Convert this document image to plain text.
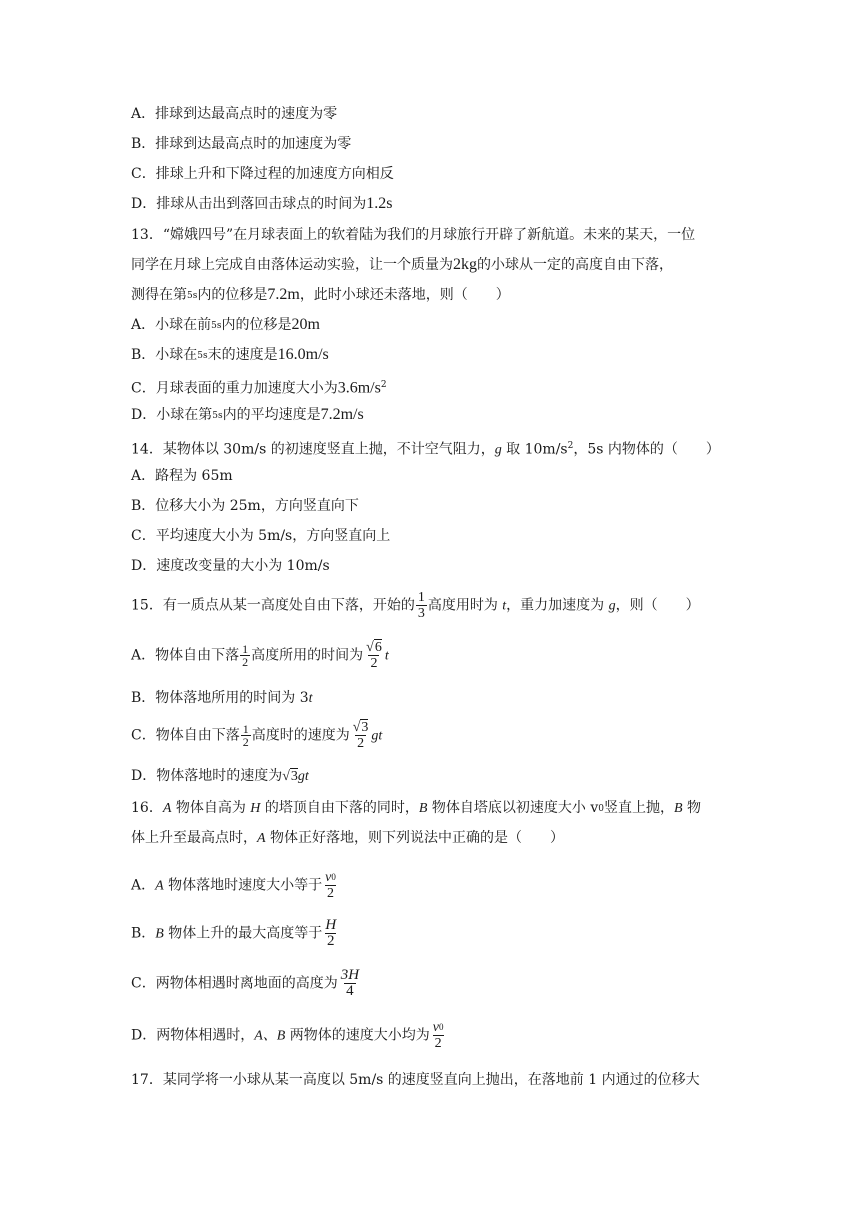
A．排球到达最高点时的速度为零
B．排球到达最高点时的加速度为零
C．排球上升和下降过程的加速度方向相反
D．排球从击出到落回击球点的时间为1.2s
13．“嫦娥四号”在月球表面上的软着陆为我们的月球旅行开辟了新航道。未来的某天，一位
同学在月球上完成自由落体运动实验，让一个质量为2kg的小球从一定的高度自由下落，
测得在第5s内的位移是7.2m，此时小球还未落地，则（　　）
A．小球在前5s内的位移是20m
B．小球在5s末的速度是16.0m/s
C．月球表面的重力加速度大小为$3.6m/s^2$
D．小球在第5s内的平均速度是7.2m/s
14．某物体以 30m/s 的初速度竖直上抛，不计空气阻力，g 取 $10m/s^2$，5s 内物体的（　　）
A．路程为 65m
B．位移大小为 25m，方向竖直向下
C．平均速度大小为 5m/s，方向竖直向上
D．速度改变量的大小为 10m/s
15．有一质点从某一高度处自由下落，开始的 $\frac{1}{3}$ 高度用时为 t，重力加速度为 g，则（　　）
A．物体自由下落 $\frac{1}{2}$ 高度所用的时间为 $\frac{√6}{2}$ t
B．物体落地所用的时间为 3t
C．物体自由下落 $\frac{1}{2}$ 高度时的速度为 $\frac{√3}{2}$ gt
D．物体落地时的速度为√3gt
16．A 物体自高为 H 的塔顶自由下落的同时，B 物体自塔底以初速度大小 $v_0$竖直上抛，B 物
体上升至最高点时，A 物体正好落地，则下列说法中正确的是（　　）
A．A 物体落地时速度大小等于 $\frac{v_0}{2}$
B．B 物体上升的最大高度等于 $\frac{H}{2}$
C．两物体相遇时离地面的高度为 $\frac{3H}{4}$
D．两物体相遇时，A、B 两物体的速度大小均为 $\frac{v_0}{2}$
17．某同学将一小球从某一高度以 5m/s 的速度竖直向上抛出，在落地前 1 内通过的位移大
